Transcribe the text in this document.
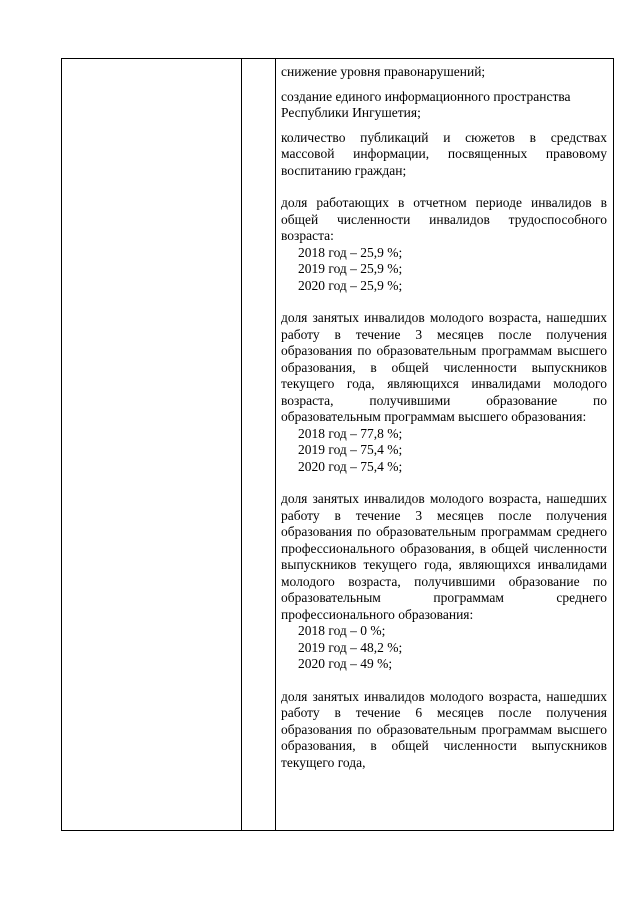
снижение уровня правонарушений;

создание единого информационного пространства Республики Ингушетия;

количество публикаций и сюжетов в средствах массовой информации, посвященных правовому воспитанию граждан;

доля работающих в отчетном периоде инвалидов в общей численности инвалидов трудоспособного возраста:

2018 год – 25,9 %;

2019 год – 25,9 %;

2020 год – 25,9 %;

доля занятых инвалидов молодого возраста, нашедших работу в течение 3 месяцев после получения образования по образовательным программам высшего образования, в общей численности выпускников текущего года, являющихся инвалидами молодого возраста, получившими образование по образовательным программам высшего образования:

2018 год – 77,8 %;

2019 год – 75,4 %;

2020 год – 75,4 %;

доля занятых инвалидов молодого возраста, нашедших работу в течение 3 месяцев после получения образования по образовательным программам среднего профессионального образования, в общей численности выпускников текущего года, являющихся инвалидами молодого возраста, получившими образование по образовательным программам среднего профессионального образования:

2018 год – 0 %;

2019 год – 48,2 %;

2020 год – 49 %;

доля занятых инвалидов молодого возраста, нашедших работу в течение 6 месяцев после получения образования по образовательным программам высшего образования, в общей численности выпускников текущего года,
